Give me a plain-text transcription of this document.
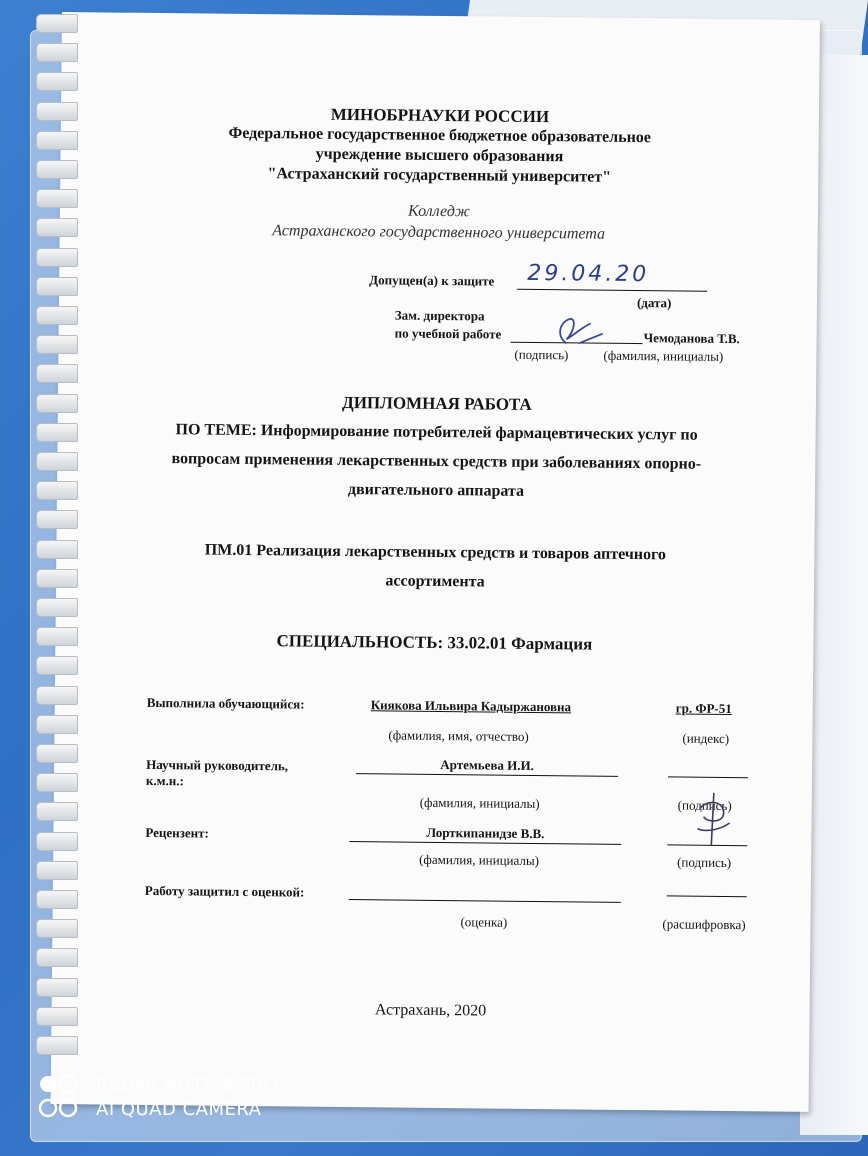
МИНОБРНАУКИ РОССИИ
Федеральное государственное бюджетное образовательное
учреждение высшего образования
"Астраханский государственный университет"
Колледж
Астраханского государственного университета
Допущен(а) к защите 29.04.20
(дата)
Зам. директора
по учебной работе	Чемоданова Т.В.
(подпись)	(фамилия, инициалы)
ДИПЛОМНАЯ РАБОТА
ПО ТЕМЕ: Информирование потребителей фармацевтических услуг по
вопросам применения лекарственных средств при заболеваниях опорно-
двигательного аппарата
ПМ.01 Реализация лекарственных средств и товаров аптечного
ассортимента
СПЕЦИАЛЬНОСТЬ: 33.02.01 Фармация
Выполнила обучающийся:	Киякова Ильвира Кадыржановна	гр. ФР-51
(фамилия, имя, отчество)	(индекс)
Научный руководитель,
к.м.н.:
Артемьева И.И.
(фамилия, инициалы)	(подпись)
Рецензент:	Лорткипанидзе В.В.
(фамилия, инициалы)	(подпись)
Работу защитил с оценкой:
(оценка)	(расшифровка)
Астрахань, 2020
REDMI NOTE 8 PRO
AI QUAD CAMERA
